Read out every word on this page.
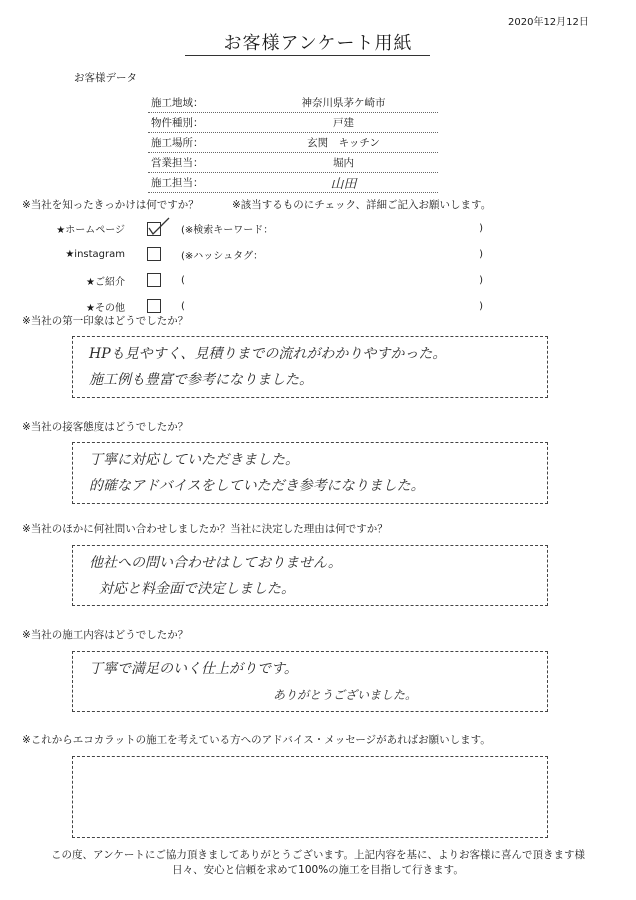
2020年12月12日
お客様アンケート用紙
お客様データ
施工地域：	神奈川県茅ケ崎市
物件種別：	戸建
施工場所：	玄関　キッチン
営業担当：	堀内
施工担当：	山田
※当社を知ったきっかけは何ですか？	※該当するものにチェック、詳細ご記入お願いします。
★ホームページ	(※検索キーワード：	)
★instagram	(※ハッシュタグ：	)
★ご紹介	(	)
★その他	(	)
※当社の第一印象はどうでしたか？
HPも見やすく、見積りまでの流れがわかりやすかった。
施工例も豊富で参考になりました。
※当社の接客態度はどうでしたか？
丁寧に対応していただきました。
的確なアドバイスをしていただき参考になりました。
※当社のほかに何社問い合わせしましたか？当社に決定した理由は何ですか？
他社への問い合わせはしておりません。
対応と料金面で決定しました。
※当社の施工内容はどうでしたか？
丁寧で満足のいく仕上がりです。
ありがとうございました。
※これからエコカラットの施工を考えている方へのアドバイス・メッセージがあればお願いします。
この度、アンケートにご協力頂きましてありがとうございます。上記内容を基に、よりお客様に喜んで頂きます様
日々、安心と信頼を求めて100%の施工を目指して行きます。
